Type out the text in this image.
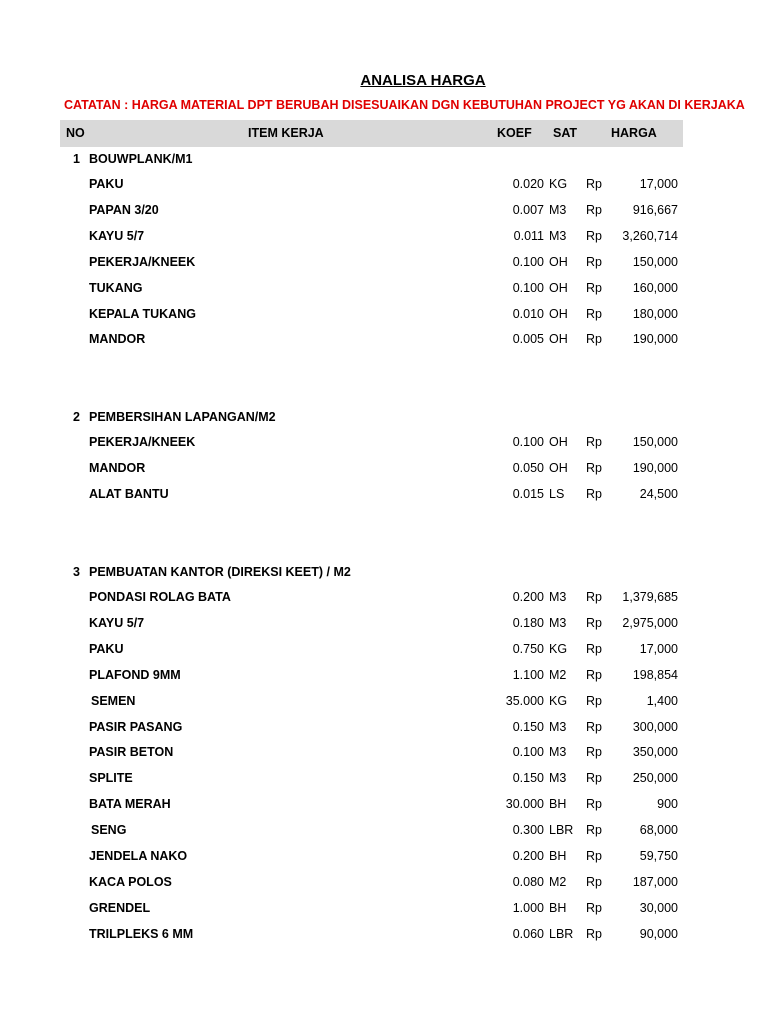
ANALISA HARGA
CATATAN : HARGA MATERIAL DPT BERUBAH DISESUAIKAN DGN KEBUTUHAN PROJECT YG AKAN DI KERJAKA
NO	ITEM KERJA	KOEF SAT	HARGA
1 BOUWPLANK/M1
PAKU	0.020 KG Rp	17,000
PAPAN 3/20	0.007 M3 Rp	916,667
KAYU 5/7	0.011 M3 Rp	3,260,714
PEKERJA/KNEEK	0.100 OH Rp	150,000
TUKANG	0.100 OH Rp	160,000
KEPALA TUKANG	0.010 OH Rp	180,000
MANDOR	0.005 OH Rp	190,000
2 PEMBERSIHAN LAPANGAN/M2
PEKERJA/KNEEK	0.100 OH Rp	150,000
MANDOR	0.050 OH Rp	190,000
ALAT BANTU	0.015 LS Rp	24,500
3 PEMBUATAN KANTOR (DIREKSI KEET) / M2
PONDASI ROLAG BATA	0.200 M3 Rp	1,379,685
KAYU 5/7	0.180 M3 Rp	2,975,000
PAKU	0.750 KG Rp	17,000
PLAFOND 9MM	1.100 M2 Rp	198,854
SEMEN	35.000 KG Rp	1,400
PASIR PASANG	0.150 M3 Rp	300,000
PASIR BETON	0.100 M3 Rp	350,000
SPLITE	0.150 M3 Rp	250,000
BATA MERAH	30.000 BH Rp	900
SENG	0.300 LBR Rp	68,000
JENDELA NAKO	0.200 BH Rp	59,750
KACA POLOS	0.080 M2 Rp	187,000
GRENDEL	1.000 BH Rp	30,000
TRILPLEKS 6 MM	0.060 LBR Rp	90,000
